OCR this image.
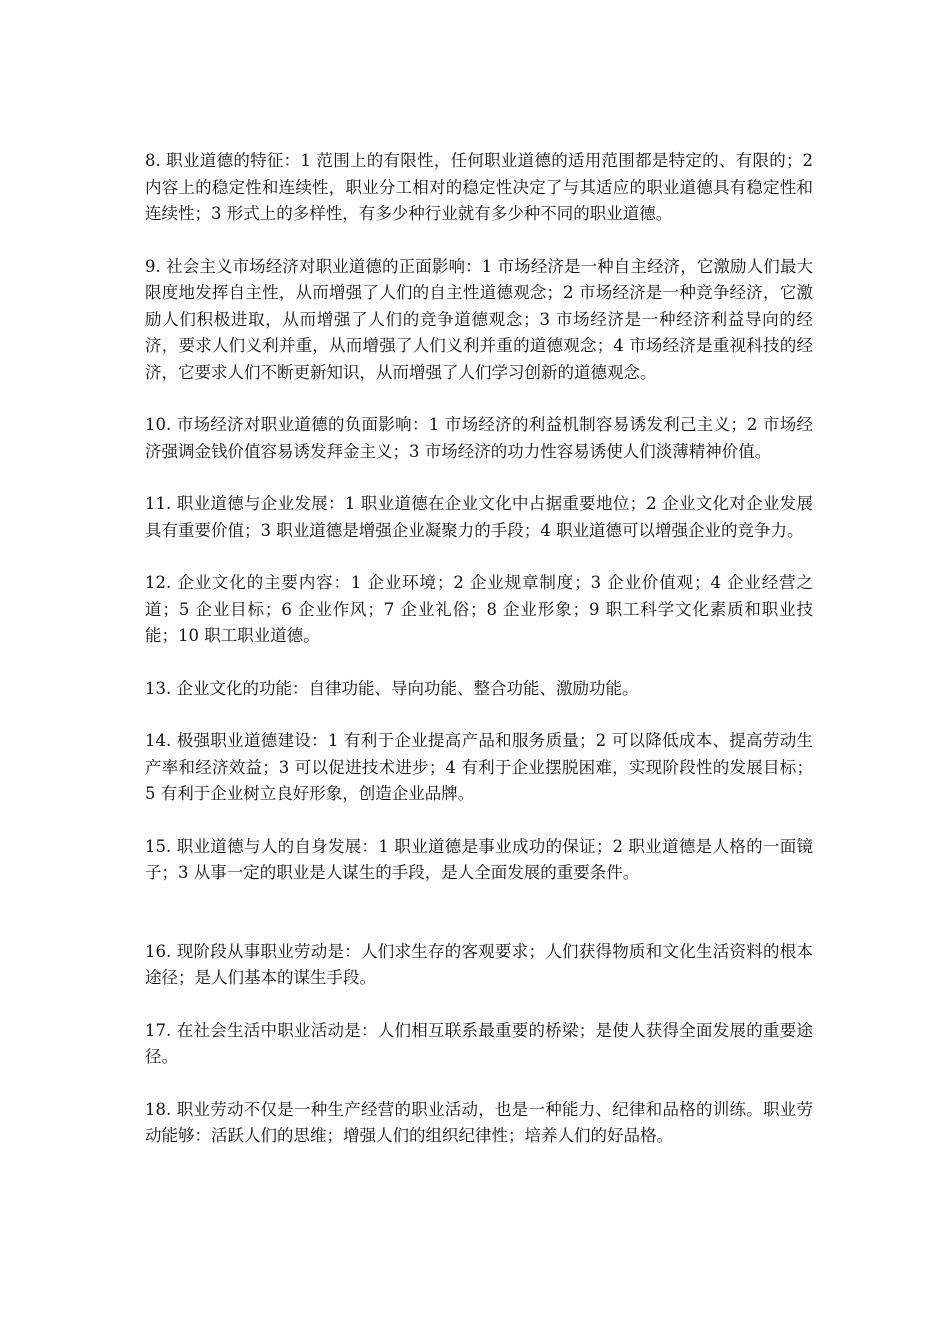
8. 职业道德的特征：1 范围上的有限性，任何职业道德的适用范围都是特定的、有限的；2 内容上的稳定性和连续性，职业分工相对的稳定性决定了与其适应的职业道德具有稳定性和连续性；3 形式上的多样性，有多少种行业就有多少种不同的职业道德。

9. 社会主义市场经济对职业道德的正面影响：1 市场经济是一种自主经济，它激励人们最大限度地发挥自主性，从而增强了人们的自主性道德观念；2 市场经济是一种竞争经济，它激励人们积极进取，从而增强了人们的竞争道德观念；3 市场经济是一种经济利益导向的经济，要求人们义利并重，从而增强了人们义利并重的道德观念；4 市场经济是重视科技的经济，它要求人们不断更新知识，从而增强了人们学习创新的道德观念。

10. 市场经济对职业道德的负面影响：1 市场经济的利益机制容易诱发利己主义；2 市场经济强调金钱价值容易诱发拜金主义；3 市场经济的功力性容易诱使人们淡薄精神价值。

11. 职业道德与企业发展：1 职业道德在企业文化中占据重要地位；2 企业文化对企业发展具有重要价值；3 职业道德是增强企业凝聚力的手段；4 职业道德可以增强企业的竞争力。

12. 企业文化的主要内容：1 企业环境；2 企业规章制度；3 企业价值观；4 企业经营之道；5 企业目标；6 企业作风；7 企业礼俗；8 企业形象；9 职工科学文化素质和职业技能；10 职工职业道德。

13. 企业文化的功能：自律功能、导向功能、整合功能、激励功能。

14. 极强职业道德建设：1 有利于企业提高产品和服务质量；2 可以降低成本、提高劳动生产率和经济效益；3 可以促进技术进步；4 有利于企业摆脱困难，实现阶段性的发展目标；5 有利于企业树立良好形象，创造企业品牌。

15. 职业道德与人的自身发展：1 职业道德是事业成功的保证；2 职业道德是人格的一面镜子；3 从事一定的职业是人谋生的手段，是人全面发展的重要条件。

16. 现阶段从事职业劳动是：人们求生存的客观要求；人们获得物质和文化生活资料的根本途径；是人们基本的谋生手段。

17. 在社会生活中职业活动是：人们相互联系最重要的桥梁；是使人获得全面发展的重要途径。

18. 职业劳动不仅是一种生产经营的职业活动，也是一种能力、纪律和品格的训练。职业劳动能够：活跃人们的思维；增强人们的组织纪律性；培养人们的好品格。
